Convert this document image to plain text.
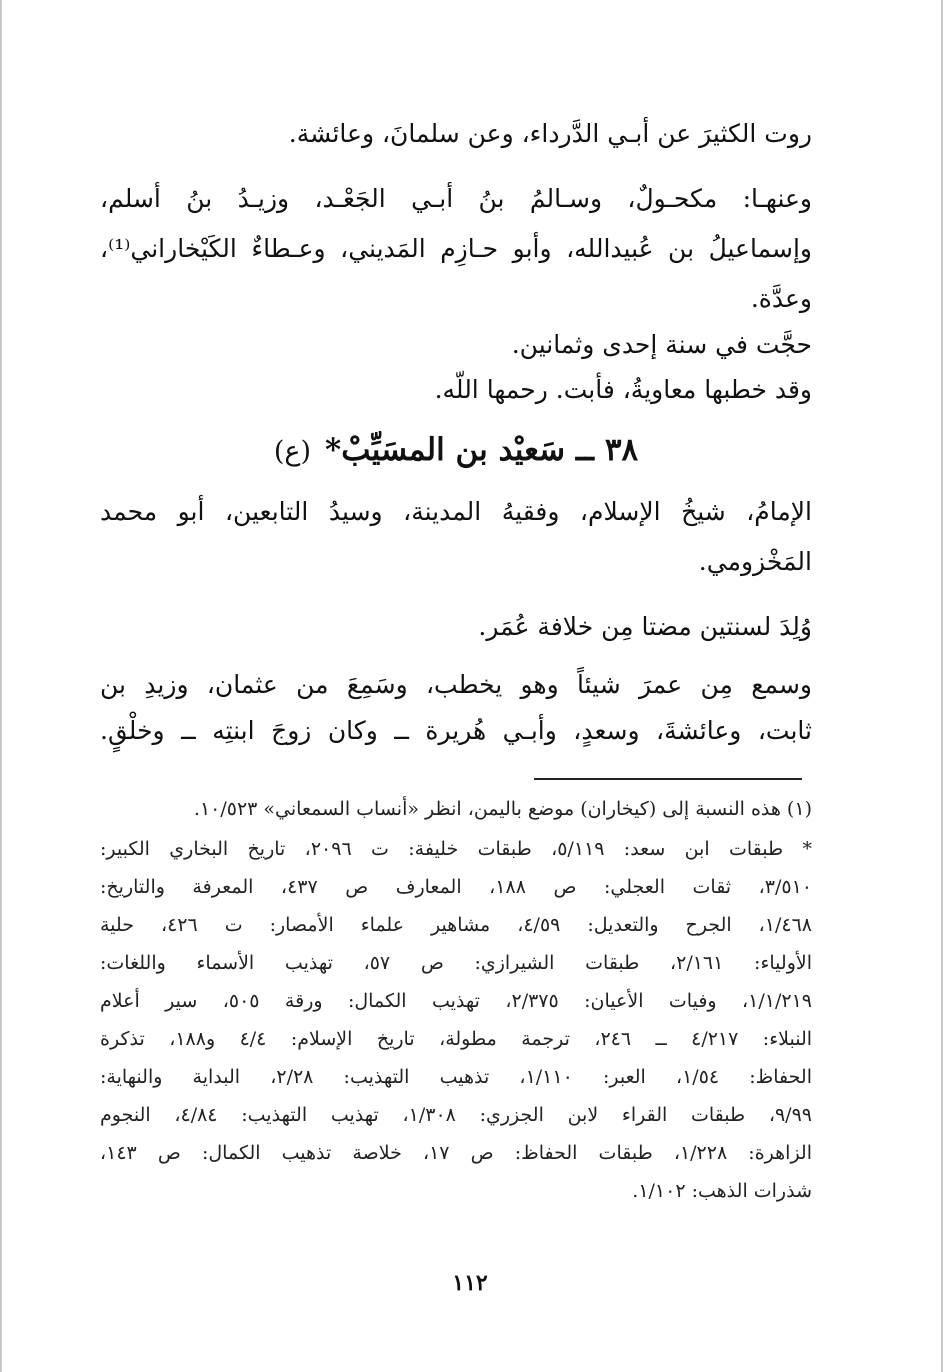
روت الكثيرَ عن أبـي الدَّرداء، وعن سلمانَ، وعائشة.
وعنهـا: مكحـولٌ، وسـالمُ بنُ أبـي الجَعْـد، وزيـدُ بنُ أسلم،
وإسماعيلُ بن عُبيدالله، وأبو حـازِم المَديني، وعـطاءٌ الكَيْخاراني⁽¹⁾،
وعدَّة.
حجَّت في سنة إحدى وثمانين.
وقد خطبها معاويةُ، فأبت. رحمها اللّه.
٣٨ ــ سَعيْد بن المسَيِّبْ*(ع)
الإمامُ، شيخُ الإسلام، وفقيهُ المدينة، وسيدُ التابعين، أبو محمد
المَخْزومي.
وُلِدَ لسنتين مضتا مِن خلافة عُمَر.
وسمع مِن عمرَ شيئاً وهو يخطب، وسَمِعَ من عثمان، وزيدِ بن
ثابت، وعائشةَ، وسعدٍ، وأبـي هُريرة ــ وكان زوجَ ابنتِه ــ وخلْقٍ.
(١) هذه النسبة إلى (كيخاران) موضع باليمن، انظر «أنساب السمعاني» ١٠/٥٢٣.
* طبقات ابن سعد: ٥/١١٩، طبقات خليفة: ت ٢٠٩٦، تاريخ البخاري الكبير:
٣/٥١٠، ثقات العجلي: ص ١٨٨، المعارف ص ٤٣٧، المعرفة والتاريخ:
١/٤٦٨، الجرح والتعديل: ٤/٥٩، مشاهير علماء الأمصار: ت ٤٢٦، حلية
الأولياء: ٢/١٦١، طبقات الشيرازي: ص ٥٧، تهذيب الأسماء واللغات:
١/١/٢١٩، وفيات الأعيان: ٢/٣٧٥، تهذيب الكمال: ورقة ٥٠٥، سير أعلام
النبلاء: ٤/٢١٧ ــ ٢٤٦، ترجمة مطولة، تاريخ الإسلام: ٤/٤ و١٨٨، تذكرة
الحفاظ: ١/٥٤، العبر: ١/١١٠، تذهيب التهذيب: ٢/٢٨، البداية والنهاية:
٩/٩٩، طبقات القراء لابن الجزري: ١/٣٠٨، تهذيب التهذيب: ٤/٨٤، النجوم
الزاهرة: ١/٢٢٨، طبقات الحفاظ: ص ١٧، خلاصة تذهيب الكمال: ص ١٤٣،
شذرات الذهب: ١/١٠٢.
١١٢
